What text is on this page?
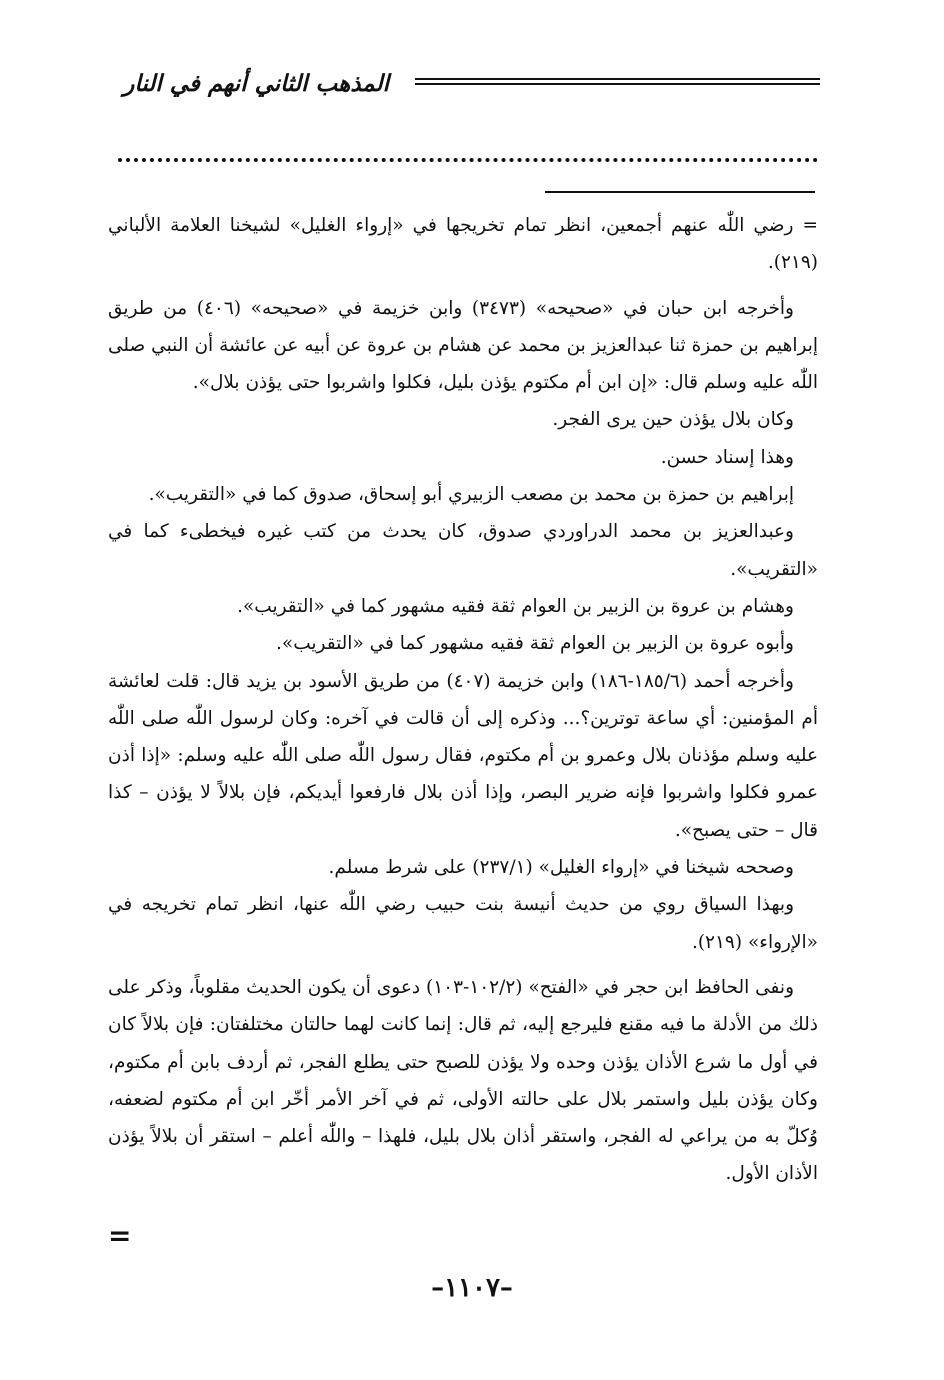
المذهب الثاني أنهم في النار

= رضي اللّٰه عنهم أجمعين، انظر تمام تخريجها في «إرواء الغليل» لشيخنا العلامة الألباني (٢١٩).

وأخرجه ابن حبان في «صحيحه» (٣٤٧٣) وابن خزيمة في «صحيحه» (٤٠٦) من طريق إبراهيم بن حمزة ثنا عبدالعزيز بن محمد عن هشام بن عروة عن أبيه عن عائشة أن النبي صلى اللّٰه عليه وسلم قال: «إن ابن أم مكتوم يؤذن بليل، فكلوا واشربوا حتى يؤذن بلال».

وكان بلال يؤذن حين يرى الفجر.

وهذا إسناد حسن.

إبراهيم بن حمزة بن محمد بن مصعب الزبيري أبو إسحاق، صدوق كما في «التقريب».

وعبدالعزيز بن محمد الدراوردي صدوق، كان يحدث من كتب غيره فيخطىء كما في «التقريب».

وهشام بن عروة بن الزبير بن العوام ثقة فقيه مشهور كما في «التقريب».

وأبوه عروة بن الزبير بن العوام ثقة فقيه مشهور كما في «التقريب».

وأخرجه أحمد (١٨٥/٦-١٨٦) وابن خزيمة (٤٠٧) من طريق الأسود بن يزيد قال: قلت لعائشة أم المؤمنين: أي ساعة توترين؟... وذكره إلى أن قالت في آخره: وكان لرسول اللّٰه صلى اللّٰه عليه وسلم مؤذنان بلال وعمرو بن أم مكتوم، فقال رسول اللّٰه صلى اللّٰه عليه وسلم: «إذا أذن عمرو فكلوا واشربوا فإنه ضرير البصر، وإذا أذن بلال فارفعوا أيديكم، فإن بلالاً لا يؤذن – كذا قال – حتى يصبح».

وصححه شيخنا في «إرواء الغليل» (٢٣٧/١) على شرط مسلم.

وبهذا السياق روي من حديث أنيسة بنت حبيب رضي اللّٰه عنها، انظر تمام تخريجه في «الإرواء» (٢١٩).

ونفى الحافظ ابن حجر في «الفتح» (١٠٢/٢-١٠٣) دعوى أن يكون الحديث مقلوباً، وذكر على ذلك من الأدلة ما فيه مقنع فليرجع إليه، ثم قال: إنما كانت لهما حالتان مختلفتان: فإن بلالاً كان في أول ما شرع الأذان يؤذن وحده ولا يؤذن للصبح حتى يطلع الفجر، ثم أردف بابن أم مكتوم، وكان يؤذن بليل واستمر بلال على حالته الأولى، ثم في آخر الأمر أخّر ابن أم مكتوم لضعفه، وُكلّ به من يراعي له الفجر، واستقر أذان بلال بليل، فلهذا – واللّٰه أعلم – استقر أن بلالاً يؤذن الأذان الأول.

=
–١١٠٧–
